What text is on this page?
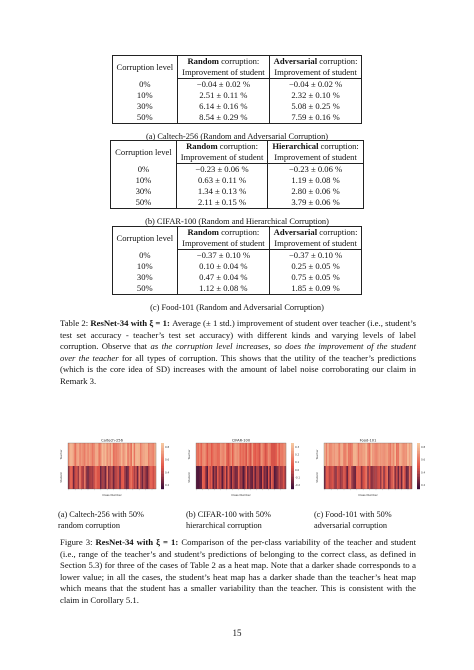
Corruption level	Random corruption:	Adversarial corruption:
	Improvement of student	Improvement of student
0%	−0.04 ± 0.02 %	−0.04 ± 0.02 %
10%	2.51 ± 0.11 %	2.32 ± 0.10 %
30%	6.14 ± 0.16 %	5.08 ± 0.25 %
50%	8.54 ± 0.29 %	7.59 ± 0.16 %
(a) Caltech-256 (Random and Adversarial Corruption)
Corruption level	Random corruption:	Hierarchical corruption:
	Improvement of student	Improvement of student
0%	−0.23 ± 0.06 %	−0.23 ± 0.06 %
10%	0.63 ± 0.11 %	1.19 ± 0.08 %
30%	1.34 ± 0.13 %	2.80 ± 0.06 %
50%	2.11 ± 0.15 %	3.79 ± 0.06 %
(b) CIFAR-100 (Random and Hierarchical Corruption)
Corruption level	Random corruption:	Adversarial corruption:
	Improvement of student	Improvement of student
0%	−0.37 ± 0.10 %	−0.37 ± 0.10 %
10%	0.10 ± 0.04 %	0.25 ± 0.05 %
30%	0.47 ± 0.04 %	0.75 ± 0.05 %
50%	1.12 ± 0.08 %	1.85 ± 0.09 %
(c) Food-101 (Random and Adversarial Corruption)
Table 2: ResNet-34 with ξ = 1: Average (± 1 std.) improvement of student over teacher (i.e., student’s test set accuracy - teacher’s test set accuracy) with different kinds and varying levels of label corruption. Observe that as the corruption level increases, so does the improvement of the student over the teacher for all types of corruption. This shows that the utility of the teacher’s predictions (which is the core idea of SD) increases with the amount of label noise corroborating our claim in Remark 3.
Caltech-256
Teacher
Student
Class Number
0.8
0.6
0.4
0.2
CIFAR-100
Teacher
Student
Class Number
0.3
0.2
0.1
0.0
-0.1
-0.2
Food-101
Teacher
Student
Class Number
0.8
0.6
0.4
0.2
(a) Caltech-256 with 50%
random corruption
(b) CIFAR-100 with 50%
hierarchical corruption
(c) Food-101 with 50%
adversarial corruption
Figure 3: ResNet-34 with ξ = 1: Comparison of the per-class variability of the teacher and student (i.e., range of the teacher’s and student’s predictions of belonging to the correct class, as defined in Section 5.3) for three of the cases of Table 2 as a heat map. Note that a darker shade corresponds to a lower value; in all the cases, the student’s heat map has a darker shade than the teacher’s heat map which means that the student has a smaller variability than the teacher. This is consistent with the claim in Corollary 5.1.
15
